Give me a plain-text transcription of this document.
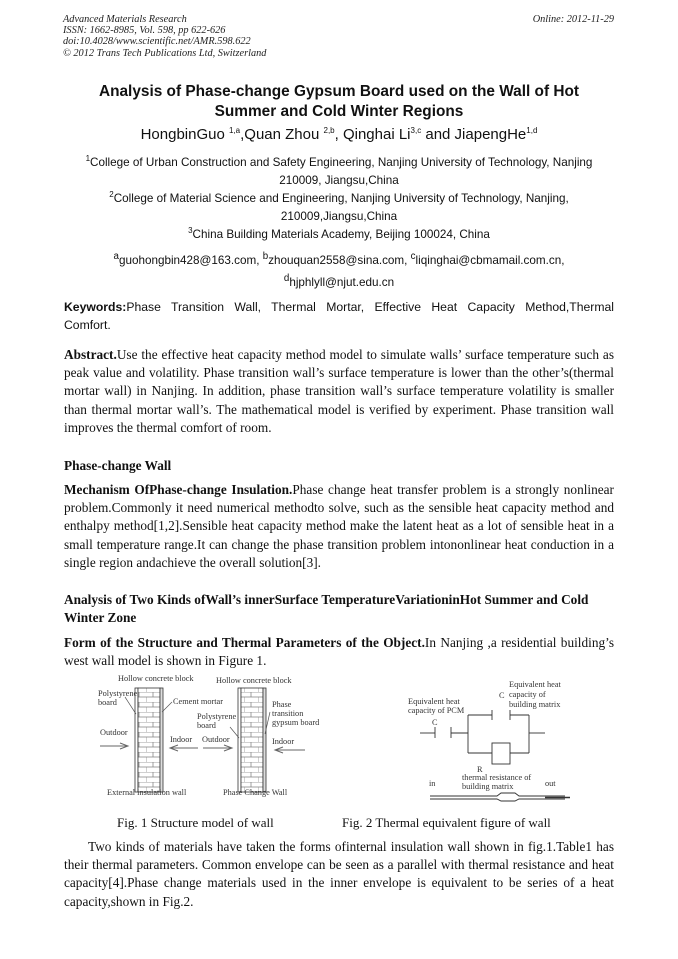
Advanced Materials Research
ISSN: 1662-8985, Vol. 598, pp 622-626
doi:10.4028/www.scientific.net/AMR.598.622
© 2012 Trans Tech Publications Ltd, Switzerland
Online: 2012-11-29
Analysis of Phase-change Gypsum Board used on the Wall of Hot
Summer and Cold Winter Regions
HongbinGuo $^{1,a}$,Quan Zhou $^{2,b}$, Qinghai Li$^{3,c}$ and JiapengHe$^{1,d}$
$^1$College of Urban Construction and Safety Engineering, Nanjing University of Technology, Nanjing
210009, Jiangsu,China
$^2$College of Material Science and Engineering, Nanjing University of Technology, Nanjing,
210009,Jiangsu,China
$^3$China Building Materials Academy, Beijing 100024, China
$^a$guohongbin428@163.com, $^b$zhouquan2558@sina.com, $^c$liqinghai@cbmamail.com.cn,
$^d$hjphlyll@njut.edu.cn
Keywords:Phase Transition Wall, Thermal Mortar, Effective Heat Capacity Method,Thermal
Comfort.
Abstract.Use the effective heat capacity method model to simulate walls’ surface temperature such as peak value and volatility. Phase transition wall’s surface temperature is lower than the other’s(thermal mortar wall) in Nanjing. In addition, phase transition wall’s surface temperature volatility is smaller than thermal mortar wall’s. The mathematical model is verified by experiment. Phase transition wall improves the thermal comfort of room.
Phase-change Wall
Mechanism OfPhase-change Insulation.Phase change heat transfer problem is a strongly nonlinear problem.Commonly it need numerical methodto solve, such as the sensible heat capacity method and enthalpy method[1,2].Sensible heat capacity method make the latent heat as a lot of sensible heat in a small temperature range.It can change the phase transition problem intononlinear heat conduction in a single region andachieve the overall solution[3].
Analysis of Two Kinds ofWall’s innerSurface TemperatureVariationinHot Summer and Cold Winter Zone
Form of the Structure and Thermal Parameters of the Object.In Nanjing ,a residential building’s west wall model is shown in Figure 1.
Hollow concrete block
Polystyrene
board	Cement mortar
Outdoor
Indoor
External insulation wall
Hollow concrete block
Polystyrene
board
Phase
transition
gypsum board
Outdoor	Indoor
Phase Change Wall
Equivalent heat
capacity of PCM
C
C
Equivalent heat
capacity of
building matrix
R
thermal resistance of
building matrix
in	out
Fig. 1 Structure model of wall	Fig. 2 Thermal equivalent figure of wall
Two kinds of materials have taken the forms ofinternal insulation wall shown in fig.1.Table1 has their thermal parameters. Common envelope can be seen as a parallel with thermal resistance and heat capacity[4].Phase change materials used in the inner envelope is equivalent to be series of a heat capacity,shown in Fig.2.
